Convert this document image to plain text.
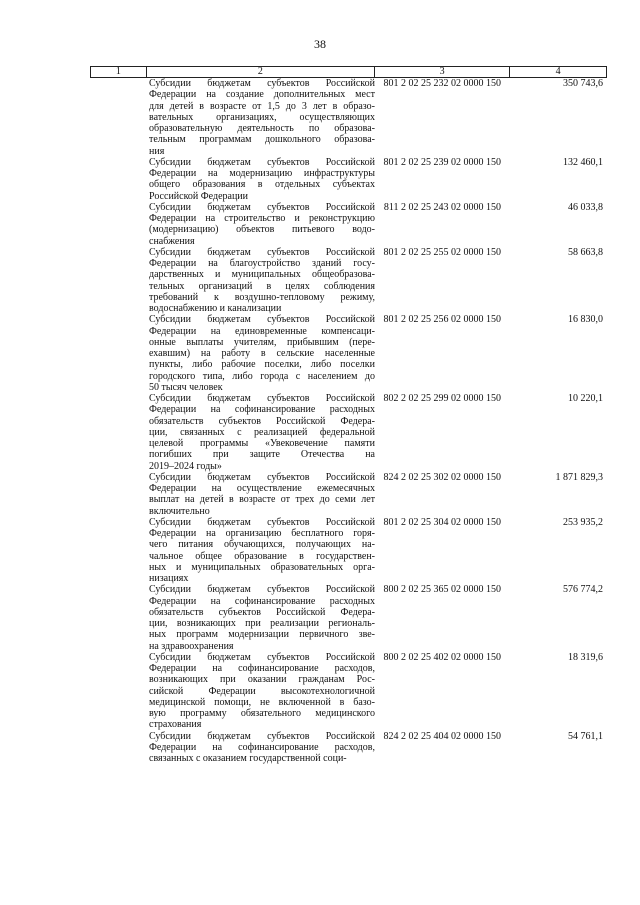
38
1	2	3	4
Субсидии бюджетам субъектов Российской
Федерации на создание дополнительных мест
для детей в возрасте от 1,5 до 3 лет в образо-
вательных организациях, осуществляющих
образовательную деятельность по образова-
тельным программам дошкольного образова-
ния
801 2 02 25 232 02 0000 150	350 743,6
Субсидии бюджетам субъектов Российской
Федерации на модернизацию инфраструктуры
общего образования в отдельных субъектах
Российской Федерации
801 2 02 25 239 02 0000 150	132 460,1
Субсидии бюджетам субъектов Российской
Федерации на строительство и реконструкцию
(модернизацию) объектов питьевого водо-
снабжения
811 2 02 25 243 02 0000 150	46 033,8
Субсидии бюджетам субъектов Российской
Федерации на благоустройство зданий госу-
дарственных и муниципальных общеобразова-
тельных организаций в целях соблюдения
требований к воздушно-тепловому режиму,
водоснабжению и канализации
801 2 02 25 255 02 0000 150	58 663,8
Субсидии бюджетам субъектов Российской
Федерации на единовременные компенсаци-
онные выплаты учителям, прибывшим (пере-
ехавшим) на работу в сельские населенные
пункты, либо рабочие поселки, либо поселки
городского типа, либо города с населением до
50 тысяч человек
801 2 02 25 256 02 0000 150	16 830,0
Субсидии бюджетам субъектов Российской
Федерации на софинансирование расходных
обязательств субъектов Российской Федера-
ции, связанных с реализацией федеральной
целевой программы «Увековечение памяти
погибших при защите Отечества на
2019–2024 годы»
802 2 02 25 299 02 0000 150	10 220,1
Субсидии бюджетам субъектов Российской
Федерации на осуществление ежемесячных
выплат на детей в возрасте от трех до семи лет
включительно
824 2 02 25 302 02 0000 150	1 871 829,3
Субсидии бюджетам субъектов Российской
Федерации на организацию бесплатного горя-
чего питания обучающихся, получающих на-
чальное общее образование в государствен-
ных и муниципальных образовательных орга-
низациях
801 2 02 25 304 02 0000 150	253 935,2
Субсидии бюджетам субъектов Российской
Федерации на софинансирование расходных
обязательств субъектов Российской Федера-
ции, возникающих при реализации региональ-
ных программ модернизации первичного зве-
на здравоохранения
800 2 02 25 365 02 0000 150	576 774,2
Субсидии бюджетам субъектов Российской
Федерации на софинансирование расходов,
возникающих при оказании гражданам Рос-
сийской Федерации высокотехнологичной
медицинской помощи, не включенной в базо-
вую программу обязательного медицинского
страхования
800 2 02 25 402 02 0000 150	18 319,6
Субсидии бюджетам субъектов Российской
Федерации на софинансирование расходов,
связанных с оказанием государственной соци-
824 2 02 25 404 02 0000 150	54 761,1
